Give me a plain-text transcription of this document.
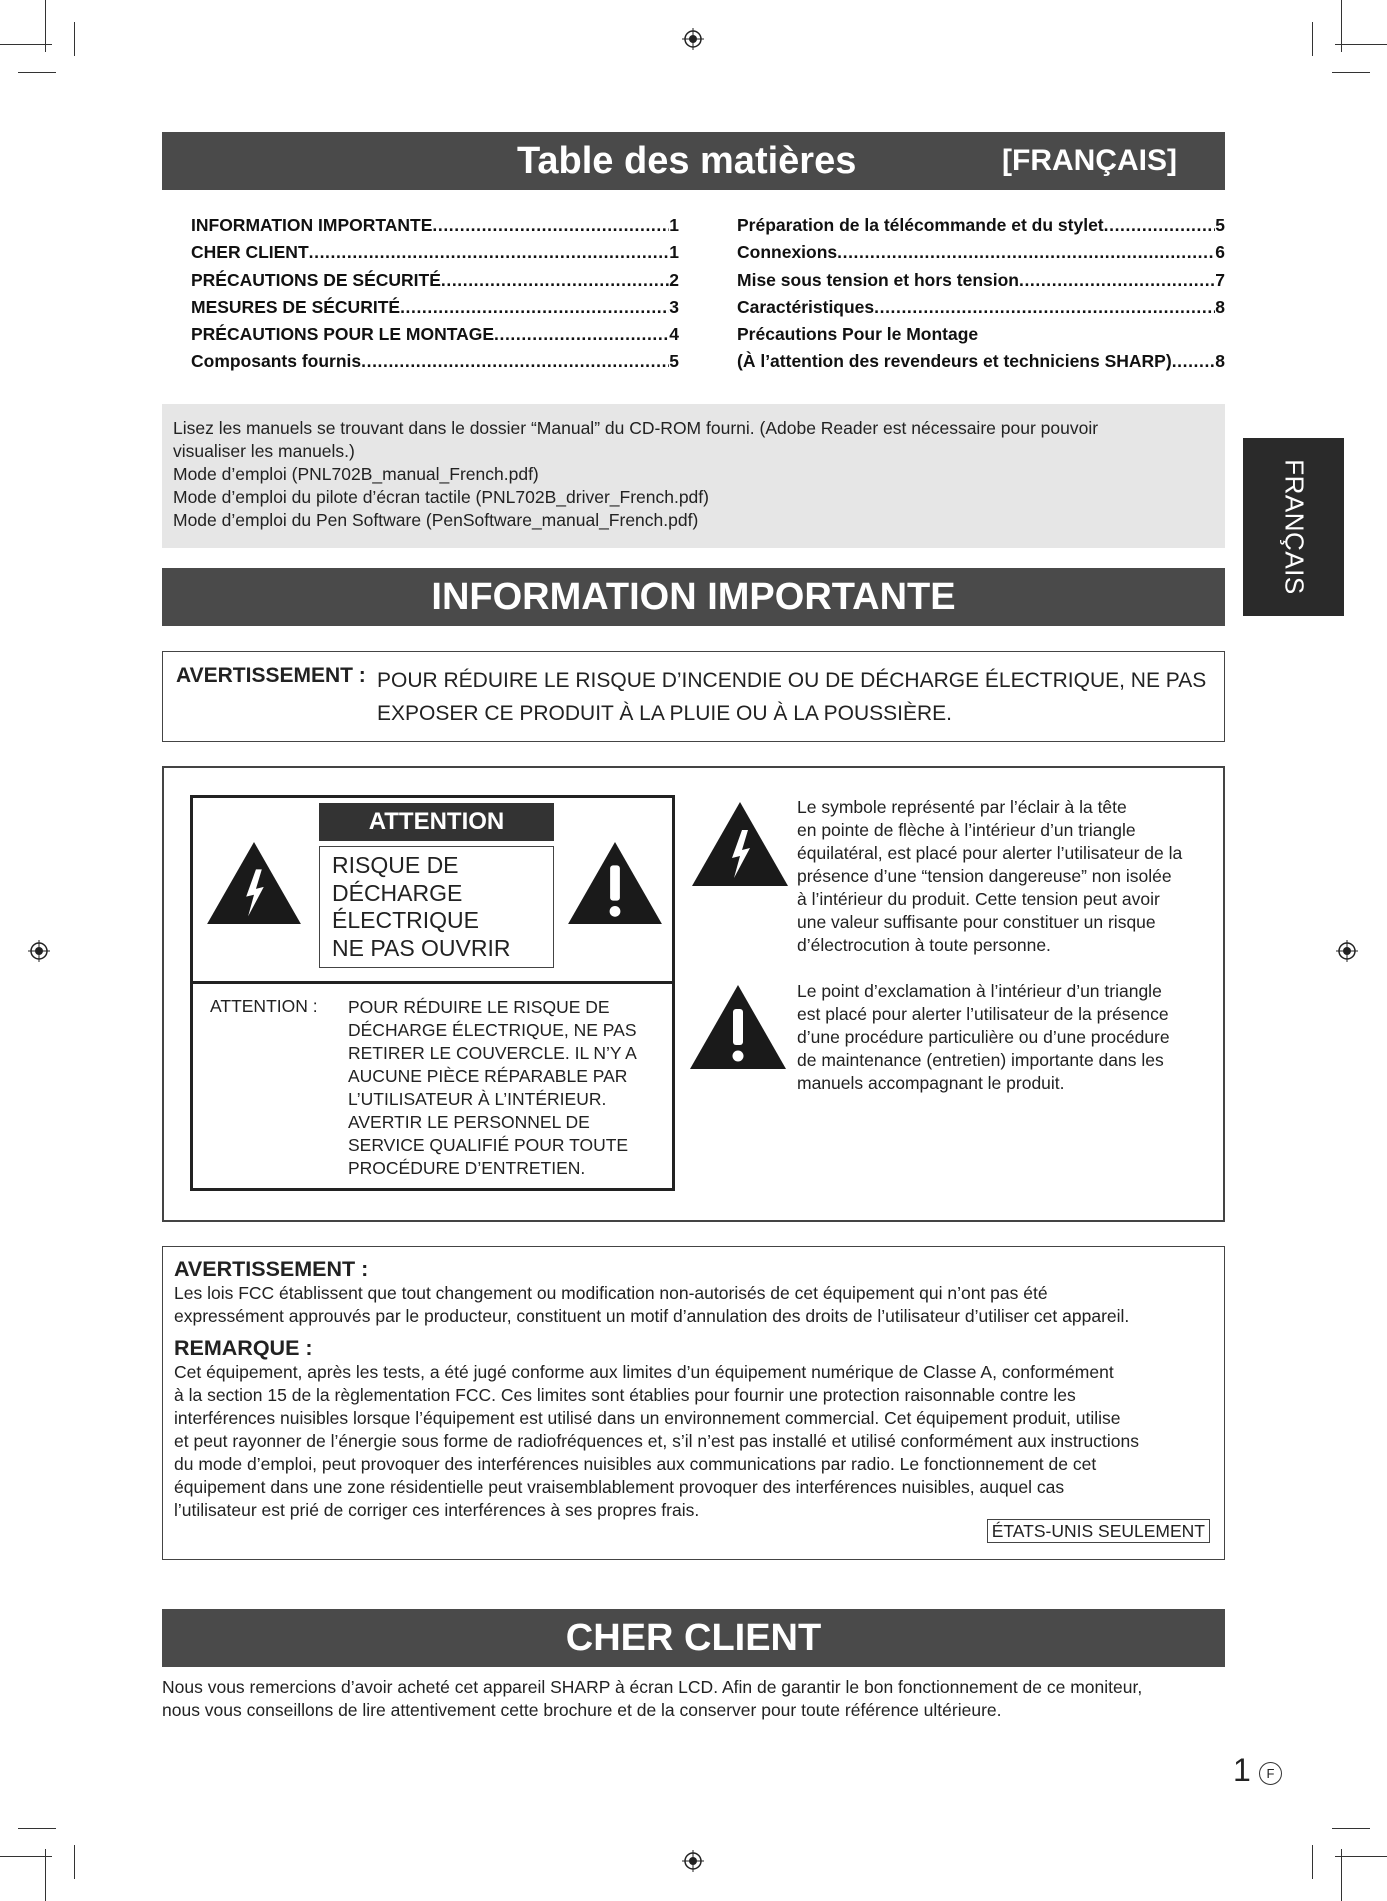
Table des matières	[FRANÇAIS]
INFORMATION IMPORTANTE .....	1
CHER CLIENT .....	1
PRÉCAUTIONS DE SÉCURITÉ .....	2
MESURES DE SÉCURITÉ .....	3
PRÉCAUTIONS POUR LE MONTAGE .....	4
Composants fournis .....	5
Préparation de la télécommande et du stylet .....	5
Connexions .....	6
Mise sous tension et hors tension .....	7
Caractéristiques .....	8
Précautions Pour le Montage
(À l’attention des revendeurs et techniciens SHARP) ..... 8
Lisez les manuels se trouvant dans le dossier “Manual” du CD-ROM fourni. (Adobe Reader est nécessaire pour pouvoir
visualiser les manuels.)
Mode d’emploi (PNL702B_manual_French.pdf)
Mode d’emploi du pilote d’écran tactile (PNL702B_driver_French.pdf)
Mode d’emploi du Pen Software (PenSoftware_manual_French.pdf)	FRANÇAIS
INFORMATION IMPORTANTE
AVERTISSEMENT : POUR RÉDUIRE LE RISQUE D’INCENDIE OU DE DÉCHARGE ÉLECTRIQUE, NE PAS
EXPOSER CE PRODUIT À LA PLUIE OU À LA POUSSIÈRE.
ATTENTION
RISQUE DE
DÉCHARGE
ÉLECTRIQUE
NE PAS OUVRIR
ATTENTION : POUR RÉDUIRE LE RISQUE DE
DÉCHARGE ÉLECTRIQUE, NE PAS
RETIRER LE COUVERCLE. IL N’Y A
AUCUNE PIÈCE RÉPARABLE PAR
L’UTILISATEUR À L’INTÉRIEUR.
AVERTIR LE PERSONNEL DE
SERVICE QUALIFIÉ POUR TOUTE
PROCÉDURE D’ENTRETIEN.
Le symbole représenté par l’éclair à la tête
en pointe de flèche à l’intérieur d’un triangle
équilatéral, est placé pour alerter l’utilisateur de la
présence d’une “tension dangereuse” non isolée
à l’intérieur du produit. Cette tension peut avoir
une valeur suffisante pour constituer un risque
d’électrocution à toute personne.
Le point d’exclamation à l’intérieur d’un triangle
est placé pour alerter l’utilisateur de la présence
d’une procédure particulière ou d’une procédure
de maintenance (entretien) importante dans les
manuels accompagnant le produit.
AVERTISSEMENT :
Les lois FCC établissent que tout changement ou modification non-autorisés de cet équipement qui n’ont pas été
expressément approuvés par le producteur, constituent un motif d’annulation des droits de l’utilisateur d’utiliser cet appareil.
REMARQUE :
Cet équipement, après les tests, a été jugé conforme aux limites d’un équipement numérique de Classe A, conformément
à la section 15 de la règlementation FCC. Ces limites sont établies pour fournir une protection raisonnable contre les
interférences nuisibles lorsque l’équipement est utilisé dans un environnement commercial. Cet équipement produit, utilise
et peut rayonner de l’énergie sous forme de radiofréquences et, s’il n’est pas installé et utilisé conformément aux instructions
du mode d’emploi, peut provoquer des interférences nuisibles aux communications par radio. Le fonctionnement de cet
équipement dans une zone résidentielle peut vraisemblablement provoquer des interférences nuisibles, auquel cas
l’utilisateur est prié de corriger ces interférences à ses propres frais.
ÉTATS-UNIS SEULEMENT
CHER CLIENT
Nous vous remercions d’avoir acheté cet appareil SHARP à écran LCD. Afin de garantir le bon fonctionnement de ce moniteur,
nous vous conseillons de lire attentivement cette brochure et de la conserver pour toute référence ultérieure.
1	F
